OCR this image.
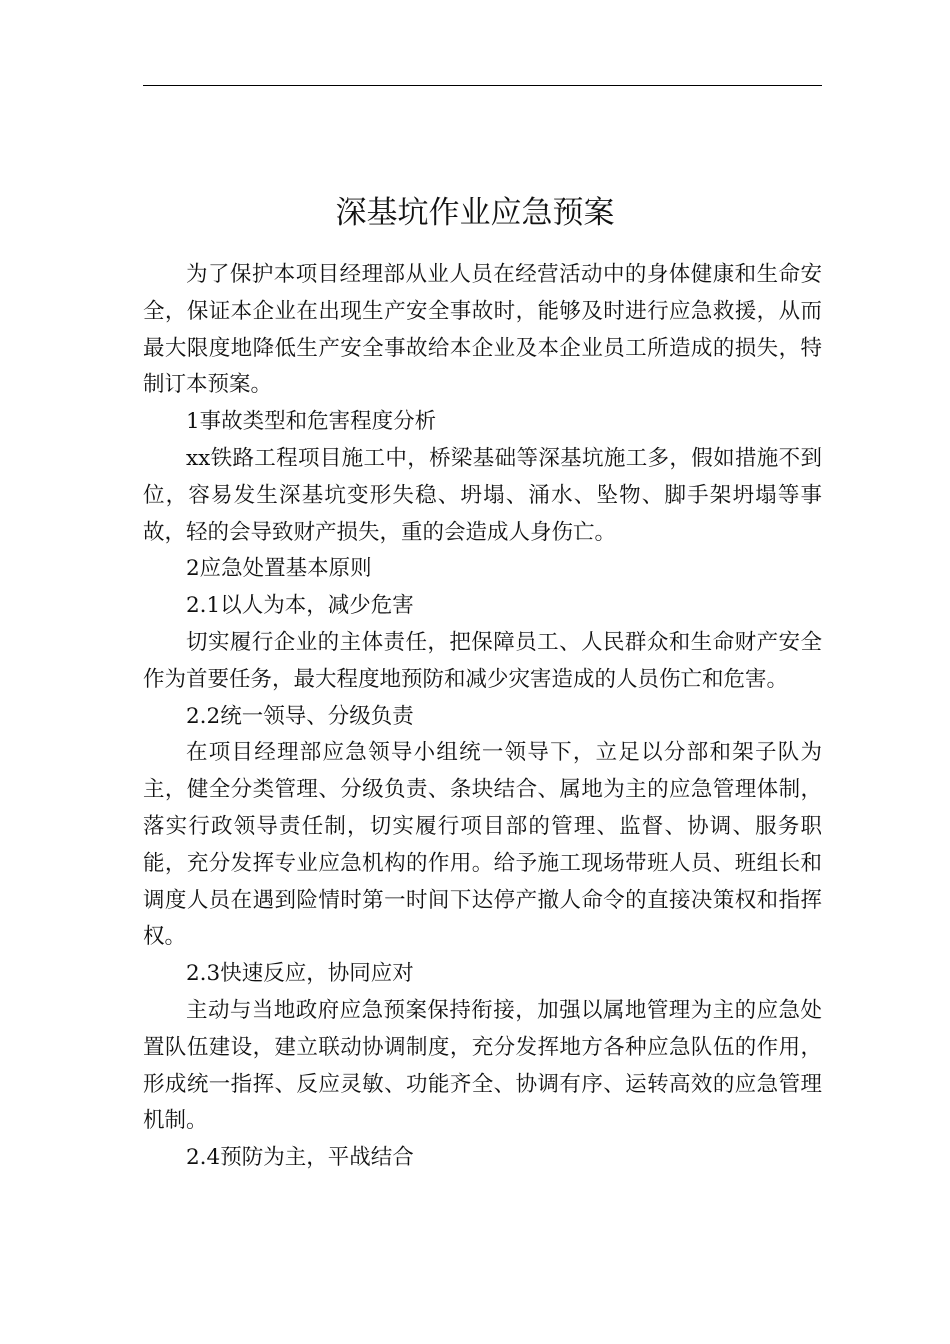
深基坑作业应急预案

为了保护本项目经理部从业人员在经营活动中的身体健康和生命安全，保证本企业在出现生产安全事故时，能够及时进行应急救援，从而最大限度地降低生产安全事故给本企业及本企业员工所造成的损失，特制订本预案。

1事故类型和危害程度分析

xx铁路工程项目施工中，桥梁基础等深基坑施工多，假如措施不到位，容易发生深基坑变形失稳、坍塌、涌水、坠物、脚手架坍塌等事故，轻的会导致财产损失，重的会造成人身伤亡。

2应急处置基本原则

2.1以人为本，减少危害

切实履行企业的主体责任，把保障员工、人民群众和生命财产安全作为首要任务，最大程度地预防和减少灾害造成的人员伤亡和危害。

2.2统一领导、分级负责

在项目经理部应急领导小组统一领导下，立足以分部和架子队为主，健全分类管理、分级负责、条块结合、属地为主的应急管理体制，落实行政领导责任制，切实履行项目部的管理、监督、协调、服务职能，充分发挥专业应急机构的作用。给予施工现场带班人员、班组长和调度人员在遇到险情时第一时间下达停产撤人命令的直接决策权和指挥权。

2.3快速反应，协同应对

主动与当地政府应急预案保持衔接，加强以属地管理为主的应急处置队伍建设，建立联动协调制度，充分发挥地方各种应急队伍的作用，形成统一指挥、反应灵敏、功能齐全、协调有序、运转高效的应急管理机制。

2.4预防为主，平战结合
